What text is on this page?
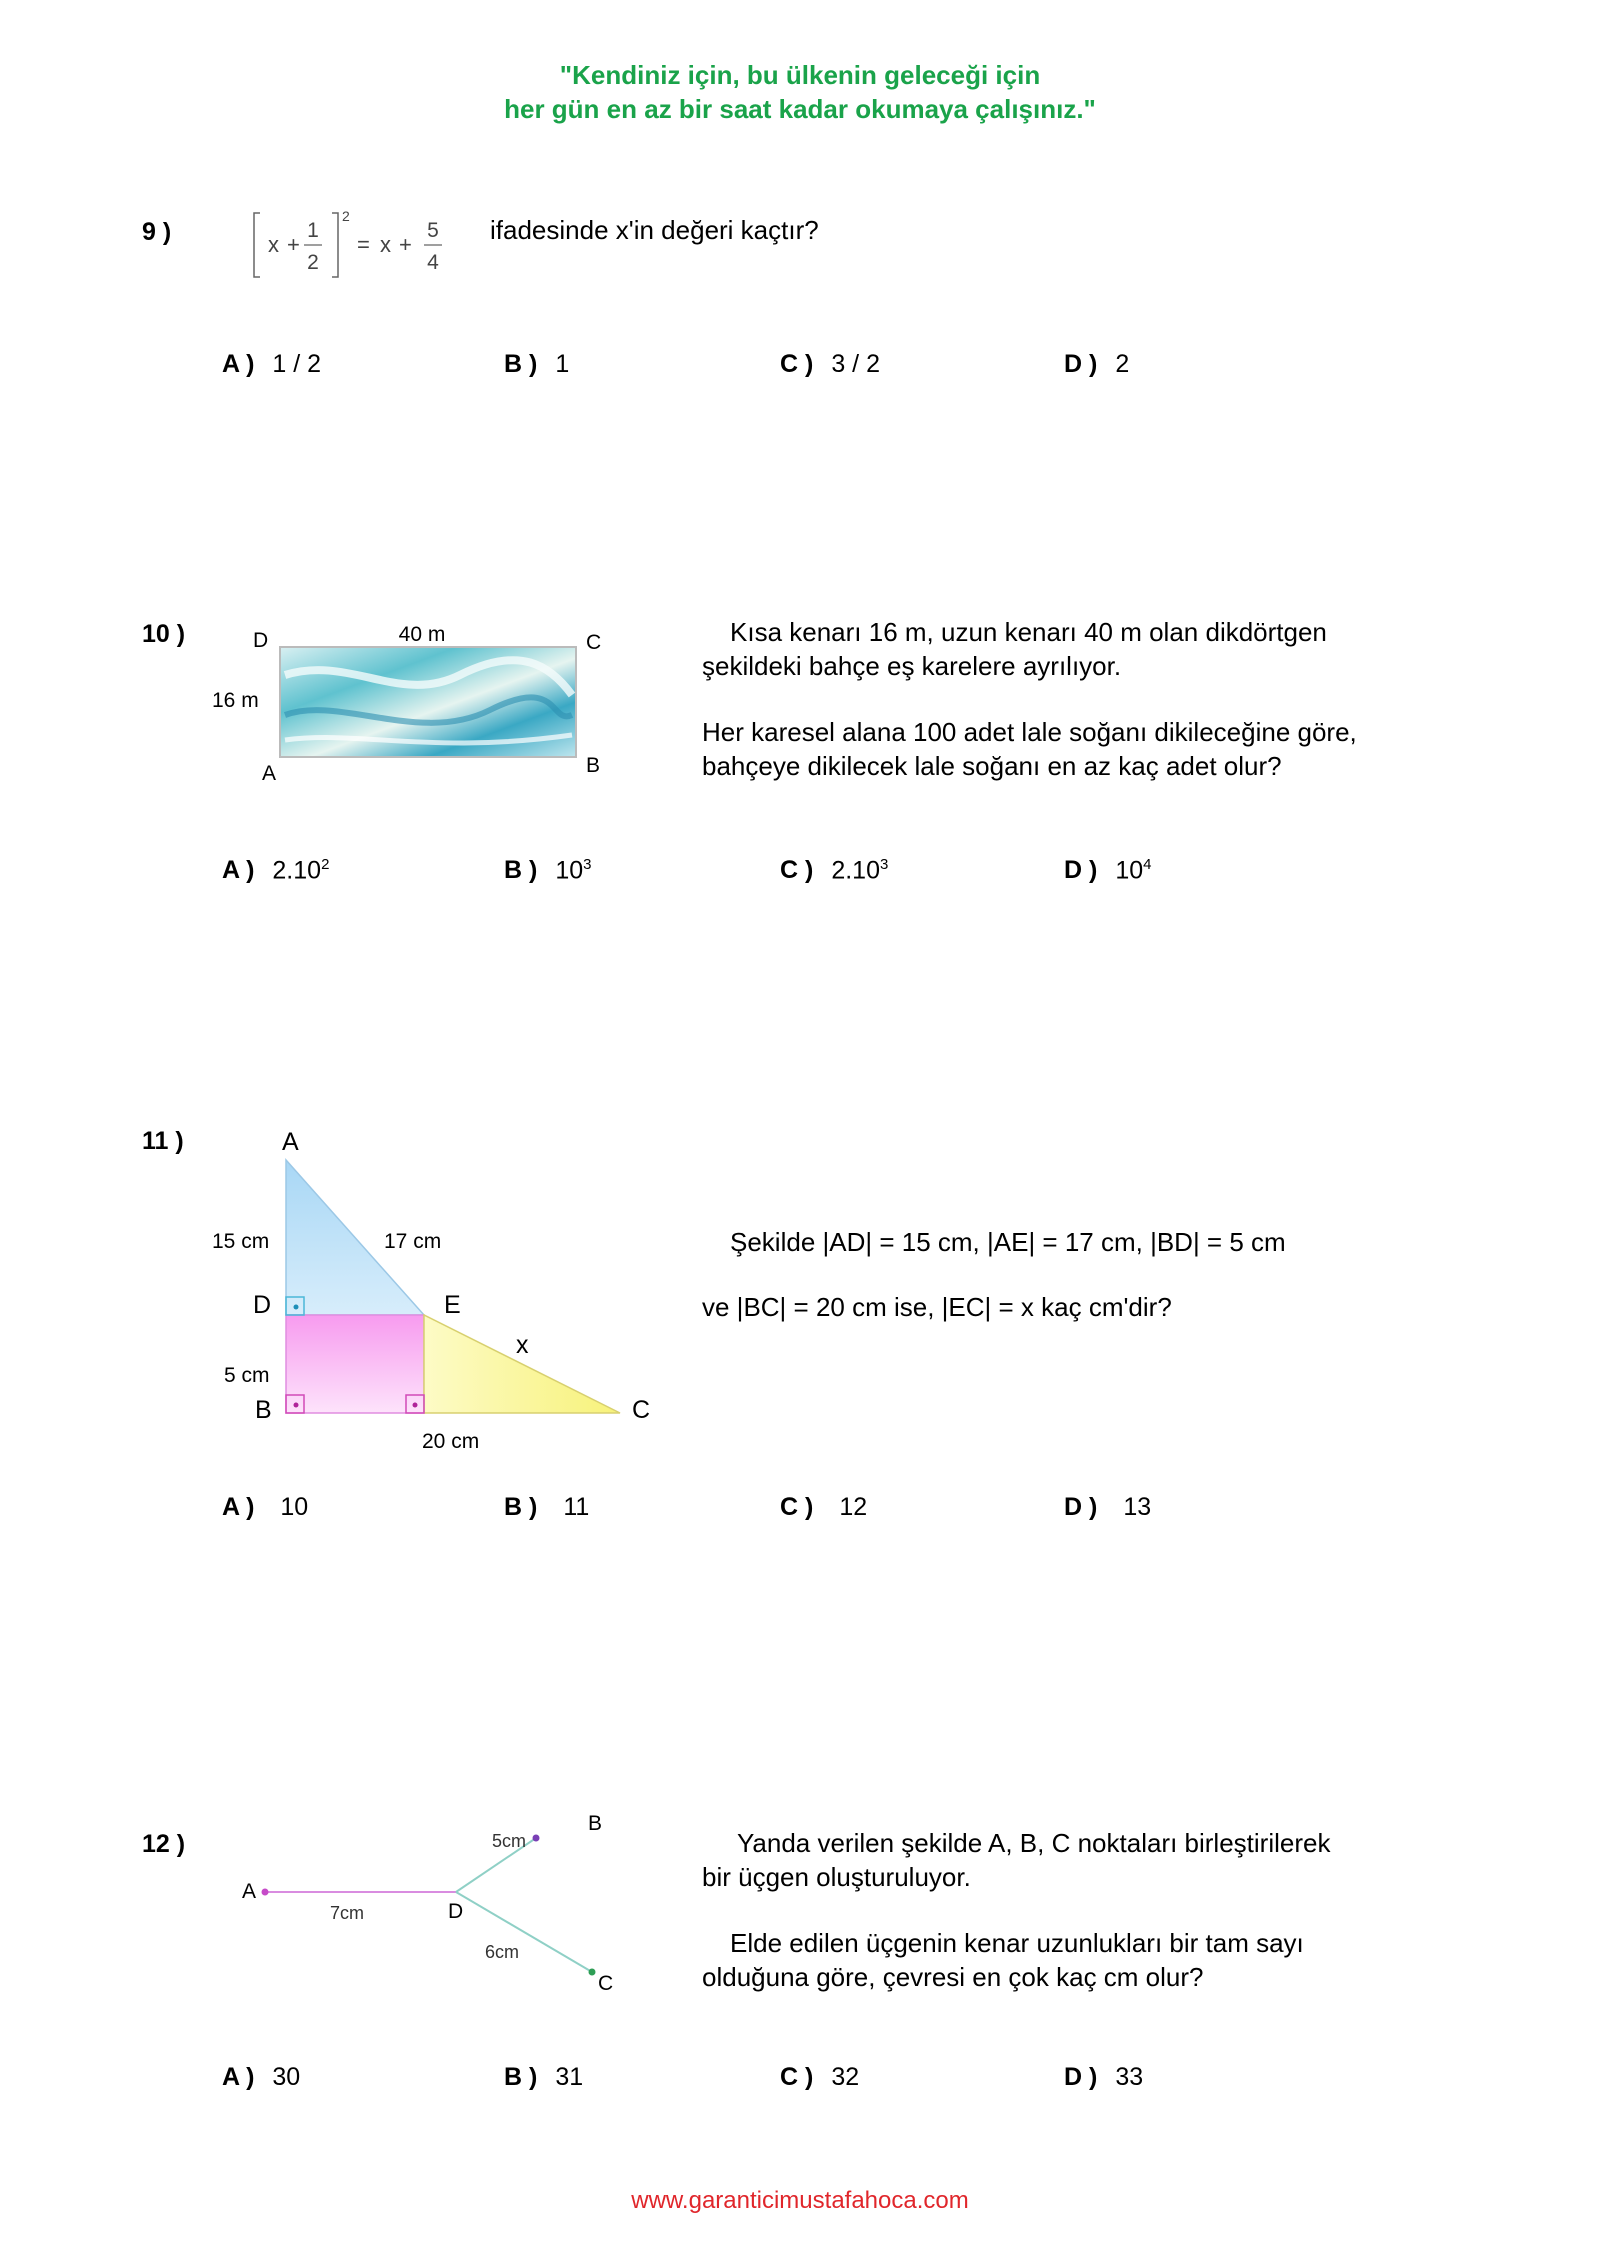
"Kendiniz için, bu ülkenin geleceği için
her gün en az bir saat kadar okumaya çalışınız."
9 )	x +
1
2
2
= x +
5
4
ifadesinde x'in değeri kaçtır?
A ) 1 / 2	B ) 1	C ) 3 / 2	D ) 2
10 )	D	C
A	B
40 m
16 m
Kısa kenarı 16 m, uzun kenarı 40 m olan dikdörtgen
şekildeki bahçe eş karelere ayrılıyor.
Her karesel alana 100 adet lale soğanı dikileceğine göre,
bahçeye dikilecek lale soğanı en az kaç adet olur?
A ) 2.10$^2$	B ) $10^3$	C ) 2.10$^3$	D ) $10^4$
11 )	A
D	E
B	C
x
15 cm	17 cm
5 cm
20 cm
Şekilde |AD| = 15 cm, |AE| = 17 cm, |BD| = 5 cm
ve |BC| = 20 cm ise, |EC| = x kaç cm'dir?
A ) 10	B ) 11	C ) 12	D ) 13
12 )
A
B
C
D
7cm
5cm
6cm
Yanda verilen şekilde A, B, C noktaları birleştirilerek
bir üçgen oluşturuluyor.
Elde edilen üçgenin kenar uzunlukları bir tam sayı
olduğuna göre, çevresi en çok kaç cm olur?
A ) 30	B ) 31	C ) 32	D ) 33
www.garanticimustafahoca.com
